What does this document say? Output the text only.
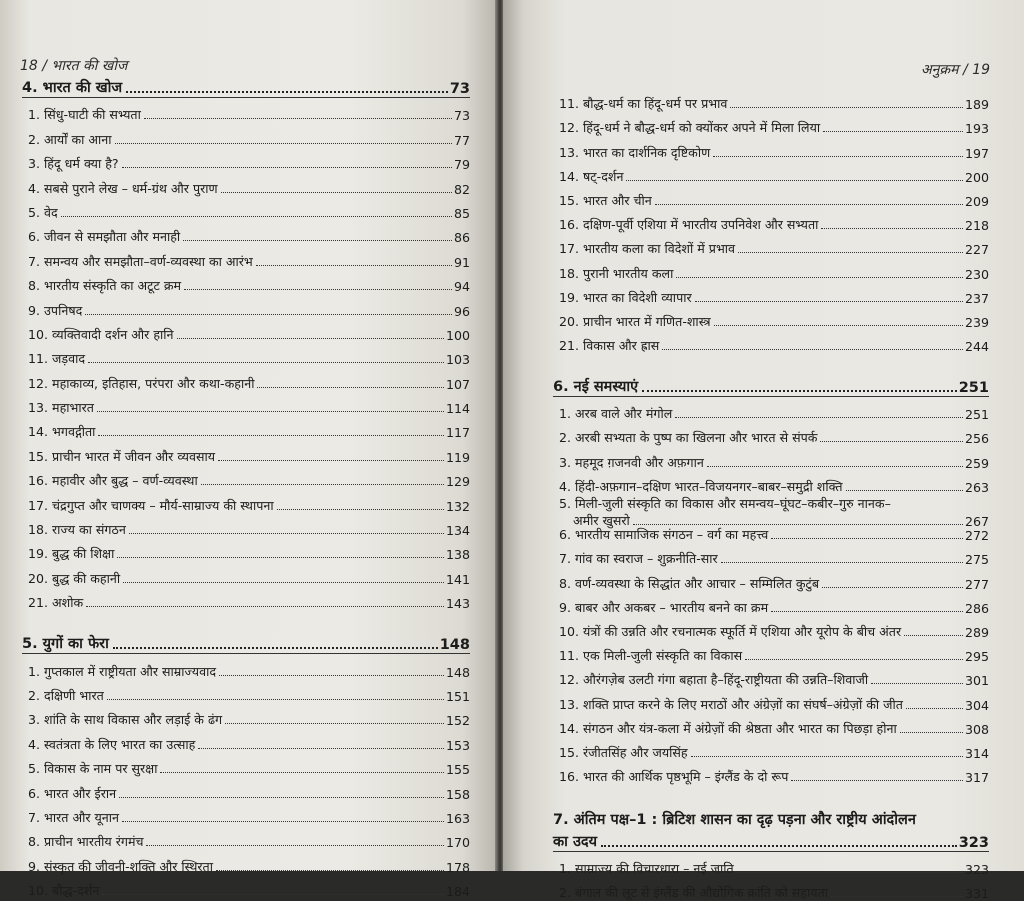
18 / भारत की खोज
4. भारत की खोज	73
1. सिंधु-घाटी की सभ्यता	73
2. आर्यों का आना	77
3. हिंदू धर्म क्या है?	79
4. सबसे पुराने लेख – धर्म-ग्रंथ और पुराण	82
5. वेद	85
6. जीवन से समझौता और मनाही	86
7. समन्वय और समझौता–वर्ण-व्यवस्था का आरंभ	91
8. भारतीय संस्कृति का अटूट क्रम	94
9. उपनिषद	96
10. व्यक्तिवादी दर्शन और हानि	100
11. जड़वाद	103
12. महाकाव्य, इतिहास, परंपरा और कथा-कहानी	107
13. महाभारत	114
14. भगवद्गीता	117
15. प्राचीन भारत में जीवन और व्यवसाय	119
16. महावीर और बुद्ध – वर्ण-व्यवस्था	129
17. चंद्रगुप्त और चाणक्य – मौर्य-साम्राज्य की स्थापना	132
18. राज्य का संगठन	134
19. बुद्ध की शिक्षा	138
20. बुद्ध की कहानी	141
21. अशोक	143
5. युगों का फेरा	148
1. गुप्तकाल में राष्ट्रीयता और साम्राज्यवाद	148
2. दक्षिणी भारत	151
3. शांति के साथ विकास और लड़ाई के ढंग	152
4. स्वतंत्रता के लिए भारत का उत्साह	153
5. विकास के नाम पर सुरक्षा	155
6. भारत और ईरान	158
7. भारत और यूनान	163
8. प्राचीन भारतीय रंगमंच	170
9. संस्कृत की जीवनी-शक्ति और स्थिरता	178
10. बौद्ध-दर्शन	184
अनुक्रम / 19
11. बौद्ध-धर्म का हिंदू-धर्म पर प्रभाव	189
12. हिंदू-धर्म ने बौद्ध-धर्म को क्योंकर अपने में मिला लिया	193
13. भारत का दार्शनिक दृष्टिकोण	197
14. षट्-दर्शन	200
15. भारत और चीन	209
16. दक्षिण-पूर्वी एशिया में भारतीय उपनिवेश और सभ्यता	218
17. भारतीय कला का विदेशों में प्रभाव	227
18. पुरानी भारतीय कला	230
19. भारत का विदेशी व्यापार	237
20. प्राचीन भारत में गणित-शास्त्र	239
21. विकास और ह्रास	244
6. नई समस्याएं	251
1. अरब वाले और मंगोल	251
2. अरबी सभ्यता के पुष्प का खिलना और भारत से संपर्क	256
3. महमूद ग़जनवी और अफ़गान	259
4. हिंदी-अफ़गान–दक्षिण भारत–विजयनगर–बाबर–समुद्री शक्ति	263
5. मिली-जुली संस्कृति का विकास और समन्वय–घूंघट–कबीर–गुरु नानक–
अमीर खुसरो	267
6. भारतीय सामाजिक संगठन – वर्ग का महत्त्व	272
7. गांव का स्वराज – शुक्रनीति-सार	275
8. वर्ण-व्यवस्था के सिद्धांत और आचार – सम्मिलित कुटुंब	277
9. बाबर और अकबर – भारतीय बनने का क्रम	286
10. यंत्रों की उन्नति और रचनात्मक स्फूर्ति में एशिया और यूरोप के बीच अंतर	289
11. एक मिली-जुली संस्कृति का विकास	295
12. औरंगज़ेब उलटी गंगा बहाता है–हिंदू-राष्ट्रीयता की उन्नति–शिवाजी	301
13. शक्ति प्राप्त करने के लिए मराठों और अंग्रेज़ों का संघर्ष–अंग्रेज़ों की जीत	304
14. संगठन और यंत्र-कला में अंग्रेज़ों की श्रेष्ठता और भारत का पिछड़ा होना	308
15. रंजीतसिंह और जयसिंह	314
16. भारत की आर्थिक पृष्ठभूमि – इंग्लैंड के दो रूप	317
7. अंतिम पक्ष–1 : ब्रिटिश शासन का दृढ़ पड़ना और राष्ट्रीय आंदोलन
का उदय	323
1. साम्राज्य की विचारधारा – नई जाति	323
2. बंगाल की लूट से इंग्लैंड की औद्योगिक क्रांति को सहायता	331
